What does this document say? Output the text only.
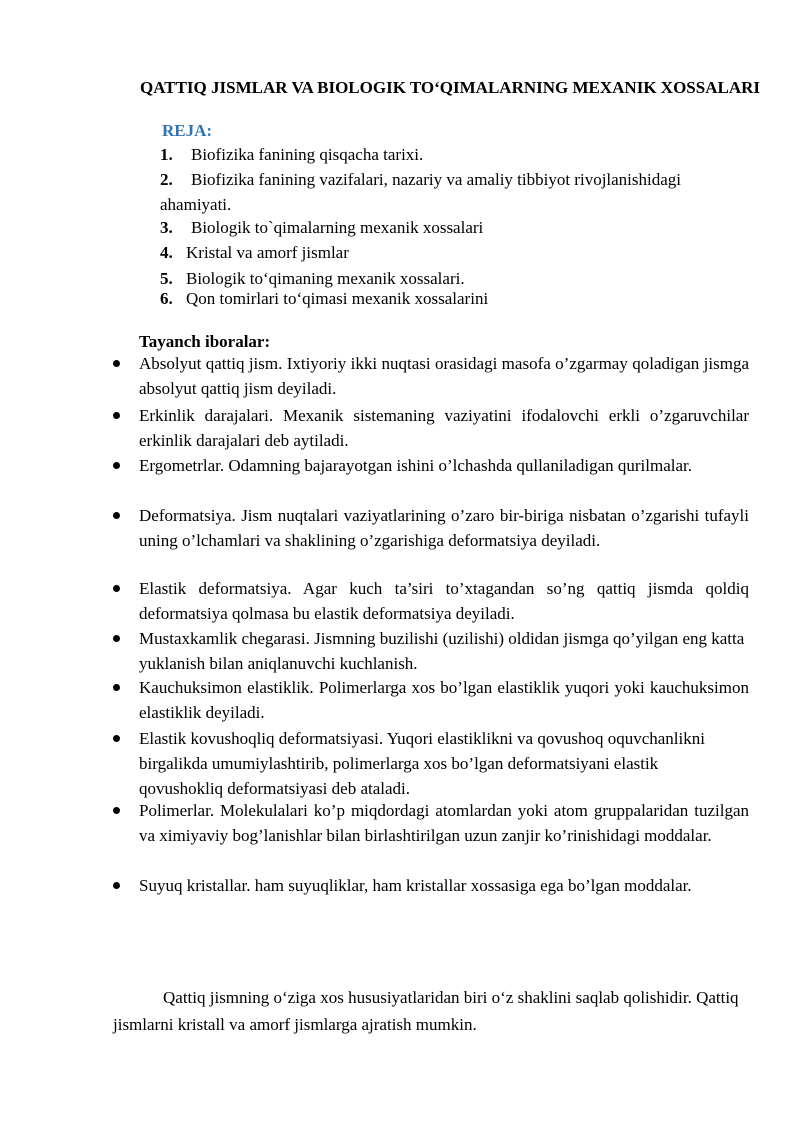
QATTIQ JISMLAR VA BIOLOGIK TO‘QIMALARNING MEXANIK XOSSALARI

REJA:

1. Biofizika fanining qisqacha tarixi.
2. Biofizika fanining vazifalari, nazariy va amaliy tibbiyot rivojlanishidagi ahamiyati.
3. Biologik to`qimalarning mexanik xossalari
4. Kristal va amorf jismlar
5. Biologik to‘qimaning mexanik xossalari.
6. Qon tomirlari to‘qimasi mexanik xossalarini

Tayanch iboralar:

Absolyut qattiq jism. Ixtiyoriy ikki nuqtasi orasidagi masofa o’zgarmay qoladigan jismga absolyut qattiq jism deyiladi.
Erkinlik darajalari. Mexanik sistemaning vaziyatini ifodalovchi erkli o’zgaruvchilar erkinlik darajalari deb aytiladi.
Ergometrlar. Odamning bajarayotgan ishini o’lchashda qullaniladigan qurilmalar.
Deformatsiya. Jism nuqtalari vaziyatlarining o’zaro bir-biriga nisbatan o’zgarishi tufayli uning o’lchamlari va shaklining o’zgarishiga deformatsiya deyiladi.
Elastik deformatsiya. Agar kuch ta’siri to’xtagandan so’ng qattiq jismda qoldiq deformatsiya qolmasa bu elastik deformatsiya deyiladi.
Mustaxkamlik chegarasi. Jismning buzilishi (uzilishi) oldidan jismga qo’yilgan eng katta yuklanish bilan aniqlanuvchi kuchlanish.
Kauchuksimon elastiklik. Polimerlarga xos bo’lgan elastiklik yuqori yoki kauchuksimon elastiklik deyiladi.
Elastik kovushoqliq deformatsiyasi. Yuqori elastiklikni va qovushoq oquvchanlikni birgalikda umumiylashtirib, polimerlarga xos bo’lgan deformatsiyani elastik qovushokliq deformatsiyasi deb ataladi.
Polimerlar. Molekulalari ko’p miqdordagi atomlardan yoki atom gruppalaridan tuzilgan va ximiyaviy bog’lanishlar bilan birlashtirilgan uzun zanjir ko’rinishidagi moddalar.
Suyuq kristallar. ham suyuqliklar, ham kristallar xossasiga ega bo’lgan moddalar.

Qattiq jismning o‘ziga xos hususiyatlaridan biri o‘z shaklini saqlab qolishidir. Qattiq jismlarni kristall va amorf jismlarga ajratish mumkin.
